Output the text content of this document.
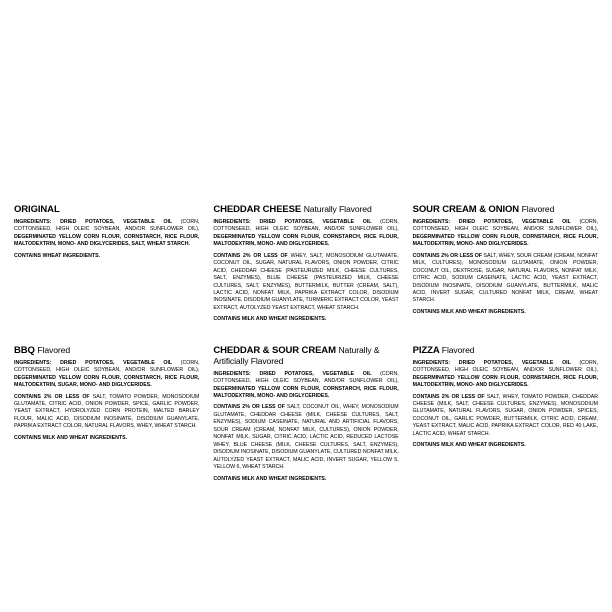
ORIGINAL

INGREDIENTS: DRIED POTATOES, VEGETABLE OIL (CORN, COTTONSEED, HIGH OLEIC SOYBEAN, AND/OR SUNFLOWER OIL), DEGERMINATED YELLOW CORN FLOUR, CORNSTARCH, RICE FLOUR, MALTODEXTRIN, MONO- AND DIGLYCERIDES, SALT, WHEAT STARCH.

CONTAINS WHEAT INGREDIENTS.

CHEDDAR CHEESE Naturally Flavored

INGREDIENTS: DRIED POTATOES, VEGETABLE OIL (CORN, COTTONSEED, HIGH OLEIC SOYBEAN, AND/OR SUNFLOWER OIL), DEGERMINATED YELLOW CORN FLOUR, CORNSTARCH, RICE FLOUR, MALTODEXTRIN, MONO- AND DIGLYCERIDES.

CONTAINS 2% OR LESS OF WHEY, SALT, MONOSODIUM GLUTAMATE, COCONUT OIL, SUGAR, NATURAL FLAVORS, ONION POWDER, CITRIC ACID, CHEDDAR CHEESE (PASTEURIZED MILK, CHEESE CULTURES, SALT, ENZYMES), BLUE CHEESE (PASTEURIZED MILK, CHEESE CULTURES, SALT, ENZYMES), BUTTERMILK, BUTTER (CREAM, SALT), LACTIC ACID, NONFAT MILK, PAPRIKA EXTRACT COLOR, DISODIUM INOSINATE, DISODIUM GUANYLATE, TURMERIC EXTRACT COLOR, YEAST EXTRACT, AUTOLYZED YEAST EXTRACT, WHEAT STARCH.

CONTAINS MILK AND WHEAT INGREDIENTS.

SOUR CREAM & ONION Flavored

INGREDIENTS: DRIED POTATOES, VEGETABLE OIL (CORN, COTTONSEED, HIGH OLEIC SOYBEAN, AND/OR SUNFLOWER OIL), DEGERMINATED YELLOW CORN FLOUR, CORNSTARCH, RICE FLOUR, MALTODEXTRIN, MONO- AND DIGLYCERIDES.

CONTAINS 2% OR LESS OF SALT, WHEY, SOUR CREAM (CREAM, NONFAT MILK, CULTURES), MONOSODIUM GLUTAMATE, ONION POWDER, COCONUT OIL, DEXTROSE, SUGAR, NATURAL FLAVORS, NONFAT MILK, CITRIC ACID, SODIUM CASEINATE, LACTIC ACID, YEAST EXTRACT, DISODIUM INOSINATE, DISODIUM GUANYLATE, BUTTERMILK, MALIC ACID, INVERT SUGAR, CULTURED NONFAT MILK, CREAM, WHEAT STARCH.

CONTAINS MILK AND WHEAT INGREDIENTS.

BBQ Flavored

INGREDIENTS: DRIED POTATOES, VEGETABLE OIL (CORN, COTTONSEED, HIGH OLEIC SOYBEAN, AND/OR SUNFLOWER OIL), DEGERMINATED YELLOW CORN FLOUR, CORNSTARCH, RICE FLOUR, MALTODEXTRIN, SUGAR, MONO- AND DIGLYCERIDES.

CONTAINS 2% OR LESS OF SALT, TOMATO POWDER, MONOSODIUM GLUTAMATE, CITRIC ACID, ONION POWDER, SPICE, GARLIC POWDER, YEAST EXTRACT, HYDROLYZED CORN PROTEIN, MALTED BARLEY FLOUR, MALIC ACID, DISODIUM INOSINATE, DISODIUM GUANYLATE, PAPRIKA EXTRACT COLOR, NATURAL FLAVORS, WHEY, WHEAT STARCH.

CONTAINS MILK AND WHEAT INGREDIENTS.

CHEDDAR & SOUR CREAM Naturally & Artificially Flavored

INGREDIENTS: DRIED POTATOES, VEGETABLE OIL (CORN, COTTONSEED, HIGH OLEIC SOYBEAN, AND/OR SUNFLOWER OIL), DEGERMINATED YELLOW CORN FLOUR, CORNSTARCH, RICE FLOUR, MALTODEXTRIN, MONO- AND DIGLYCERIDES.

CONTAINS 2% OR LESS OF SALT, COCONUT OIL, WHEY, MONOSODIUM GLUTAMATE, CHEDDAR CHEESE (MILK, CHEESE CULTURES, SALT, ENZYMES), SODIUM CASEINATE, NATURAL AND ARTIFICIAL FLAVORS, SOUR CREAM (CREAM, NONFAT MILK, CULTURES), ONION POWDER, NONFAT MILK, SUGAR, CITRIC ACID, LACTIC ACID, REDUCED LACTOSE WHEY, BLUE CHEESE (MILK, CHEESE CULTURES, SALT, ENZYMES), DISODIUM INOSINATE, DISODIUM GUANYLATE, CULTURED NONFAT MILK, AUTOLYZED YEAST EXTRACT, MALIC ACID, INVERT SUGAR, YELLOW 5, YELLOW 6, WHEAT STARCH.

CONTAINS MILK AND WHEAT INGREDIENTS.

PIZZA Flavored

INGREDIENTS: DRIED POTATOES, VEGETABLE OIL (CORN, COTTONSEED, HIGH OLEIC SOYBEAN, AND/OR SUNFLOWER OIL), DEGERMINATED YELLOW CORN FLOUR, CORNSTARCH, RICE FLOUR, MALTODEXTRIN, MONO- AND DIGLYCERIDES.

CONTAINS 2% OR LESS OF SALT, WHEY, TOMATO POWDER, CHEDDAR CHEESE (MILK, SALT, CHEESE CULTURES, ENZYMES), MONOSODIUM GLUTAMATE, NATURAL FLAVORS, SUGAR, ONION POWDER, SPICES, COCONUT OIL, GARLIC POWDER, BUTTERMILK, CITRIC ACID, CREAM, YEAST EXTRACT, MALIC ACID, PAPRIKA EXTRACT COLOR, RED 40 LAKE, LACTIC ACID, WHEAT STARCH.

CONTAINS MILK AND WHEAT INGREDIENTS.
